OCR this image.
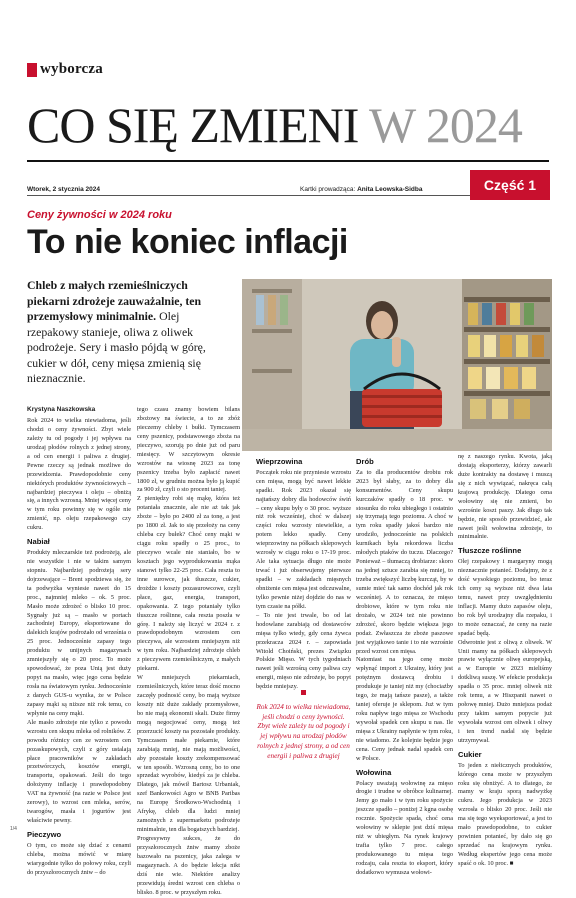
wyborcza
CO SIĘ ZMIENI W 2024
Wtorek, 2 stycznia 2024	Kartki prowadząca: Anita Leowska-Sidba	Część 1
Ceny żywności w 2024 roku
To nie koniec inflacji
Chleb z małych rzemieślniczych piekarni zdrożeje zauważalnie, ten przemysłowy minimalnie. Olej rzepakowy stanieje, oliwa z oliwek podrożeje. Sery i masło pójdą w górę, cukier w dół, ceny mięsa zmienią się nieznacznie.
Krystyna Naszkowska

Rok 2024 to wielka niewiadoma, jeśli chodzi o ceny żywności. Zbyt wiele zależy tu od pogody i jej wpływu na urodzaj płodów rolnych z jednej strony, a od cen energii i paliwa z drugiej. Pewne rzeczy są jednak możliwe do przewidzenia. Prawdopodobnie ceny niektórych produktów żywnościowych – najbardziej pieczywa i oleju – obniżą się, a innych wzrosną. Mniej więcej ceny w tym roku powinny się w ogóle nie zmienić, np. oleju rzepakowego czy cukru.

Nabiał

Produkty mleczarskie też podrożeją, ale nie wszystkie i nie w takim samym stopniu. Najbardziej podrożeją sery dojrzewające – Brent spodziewa się, że ta podwyżka wyniesie nawet do 15 proc., najmniej mleko – ok. 5 proc. Masło może zdrożeć o blisko 10 proc. Sygnały już są – masło w portach zachodniej Europy, eksportowane do dalekich krajów podrożało od września o 25 proc. Jednocześnie zapasy tego produktu w unijnych magazynach zmniejszyły się o 20 proc. To może spowodować, że poza Unią jest duży popyt na masło, więc jego cena będzie rosła na światowym rynku. Jednocześnie z danych GUS-u wynika, że w Polsce zapasy mąki są niższe niż rok temu, co wpłynie na ceny mąki.

Ale masło zdrożeje nie tylko z powodu wzrostu cen skupu mleka od rolników. Z powodu różnicy cen ze wzrostem cen pozaskupowych, czyli z góry ustalają płace pracowników w zakładach przetwórczych, kosztów energii, transportu, opakowań. Jeśli do tego dołożymy inflację i prawdopodobny VAT na żywność (na razie w Polsce jest zerowy), to wzrost cen mleka, serów, twarogów, masła i jogurtów jest właściwie pewny.

Pieczywo

O tym, co może się dziać z cenami chleba, można mówić w miarę wiarygodnie tylko do połowy roku, czyli do przyszłorocznych żniw – do

tego czasu znamy bowiem bilans zbożowy na świecie, a to ze zbóż pieczemy chleby i bułki. Tymczasem ceny pszenicy, podstawowego zboża na pieczywo, szorują po dnie już od paru miesięcy. W szczytowym okresie wzrostów na wiosnę 2023 za tonę pszenicy trzeba było zapłacić nawet 1800 zł, w grudniu można było ją kupić za 900 zł, czyli o sto procent taniej.

Z pieniędzy robi się mąkę, która też potaniała znacznie, ale nie aż tak jak zboże – było po 2400 zł za tonę, a jest po 1800 zł. Jak to się przełoży na ceny chleba czy bułek? Choć ceny mąki w ciągu roku spadły o 25 proc., to pieczywo wcale nie staniało, bo w kosztach jego wyprodukowania mąka stanowi tylko 22-25 proc. Cała reszta to inne surowce, jak tłuszcze, cukier, drożdże i koszty pozasurowcowe, czyli płace, gaz, energia, transport, opakowania. Z tego potaniały tylko tłuszcze roślinne, cała reszta poszła w górę. I należy się liczyć w 2024 r. z prawdopodobnym wzrostem cen pieczywa, ale wzrostem mniejszym niż w tym roku. Najbardziej zdrożeje chleb z pieczywem rzemieślniczym, z małych piekarni.

W mniejszych piekarniach, rzemieślniczych, które teraz dość mocno zaczęły podnosić ceny, bo mają wyższe koszty niż duże zakłady przemysłowe, bo nie mają ekonomii skali. Duże firmy mogą negocjować ceny, mogą też przerzucić koszty na pozostałe produkty. Tymczasem małe piekarnie, które zarabiają mniej, nie mają możliwości, aby pozostałe koszty zrekompensować w ten sposób. Wzrosną ceny, bo to one sprzedaż wyrobów, kiedyś za je chleba. Dlatego, jak mówił Bartosz Urbaniak, szef Bankowości Agro w BNB Paribas na Europę Środkowo-Wschodnią i Afrykę, chleb dla ludzi mniej zamożnych z supermarketu podrożeje minimalnie, ten dla bogatszych bardziej.

Progresywny sukces, że do przyszłorocznych żniw mamy zboże bazowało na pszenicy, jaka zalega w magazynach. A do będzie lekcja nikt dziś nie wie. Niektóre analizy przewidują średni wzrost cen chleba o blisko. 8 proc. w przyszłym roku.

Wieprzowina

Początek roku nie przyniesie wzrostu cen mięsa, mogą być nawet lekkie spadki. Rok 2023 okazał się najtańszy dobry dla hodowców świń – ceny skupu były o 30 proc. wyższe niż rok wcześniej, choć w dalszej części roku wzrosty niewielkie, a potem lekko spadły. Ceny wieprzowiny na półkach sklepowych wzrosły w ciągu roku o 17-19 proc. Ale taka sytuacja długo nie może trwać i już obserwujemy pierwsze spadki – w zakładach mięsnych obniżenie cen mięsa jest odczuwalne, tylko pewnie niżej dojdzie do nas w tym czasie na półki.

– To nie jest trwale, bo od lat hodowlane zarabiają od dostawców mięsa tylko wtedy, gdy cena żywca przekracza 2024 r. – zapowiada Witold Choiński, prezes Związku Polskie Mięso. W tych tygodniach nawet jeśli wzrośną ceny paliwa czy energii, mięso nie zdrożeje, bo popyt będzie mniejszy.

Rok 2024 to wielka niewiadoma, jeśli chodzi o ceny żywności. Zbyt wiele zależy tu od pogody i jej wpływu na urodzaj płodów rolnych z jednej strony, a od cen energii i paliwa z drugiej
Drób

Za to dla producentów drobiu rok 2023 był słaby, za to dobry dla konsumentów. Ceny skupu kurczaków spadły o 18 proc. w stosunku do roku ubiegłego i ostatnio się trzymają tego poziomu. A choć w tym roku spadły jakoś bardzo nie urodziło, jednocześnie na polskich kurnikach była rekordowa liczba młodych ptaków do tuczu. Dlaczego? Ponieważ – tłumaczą drobiarze: skoro na jednej sztuce zarabia się mniej, to trzeba zwiększyć liczbę kurcząt, by w sumie mieć tak samo dochód jak rok wcześniej. A to oznacza, że mięso drobiowe, które w tym roku nie drożało, w 2024 też nie powinno zdrożeć, skoro będzie większa jego podaż. Zwłaszcza że zboże paszowe jest wyjątkowo tanie i to nie wzrośnie przed wzrost cen mięsa.

Natomiast na jego cenę może wpłynąć import z Ukrainy, który jest potężnym dostawcą drobiu i produkuje je taniej niż my (chociażby tego, że mają tańsze pasze), a także taniej oferuje je sklepom. Już w tym roku napływ tego mięsa ze Wschodu wywołał spadek cen skupu u nas. Ile mięsa z Ukrainy napłynie w tym roku, nie wiadomo. Ze kolejnie będzie jego cena. Ceny jednak nadal spadek cen w Polsce.

Wołowina

Polacy uważają wołowinę za mięso drogie i trudne w obróbce kulinarnej. Jemy go mało i w tym roku spożycie jeszcze spadło – poniżej 2 kgna osobę rocznie. Spożycie spada, choć cena wołowiny w sklepie jest dziś mięsa niż w ubiegłym. Na rynek krajowy trafia tylko 7 proc. całego produkowanego tu mięsa tego rodzaju, cała reszta to eksport, który dodatkowo wymusza wołowi-

nę z naszego rynku. Kwota, jaką dostają eksporterzy, którzy zawarli duże kontrakty na dostawę i muszą się z nich wywiązać, nakręca całą krajową produkcję. Dlatego cena wołowiny się nie zmieni, bo wzrośnie koszt paszy. Jak długo tak będzie, nie sposób przewidzieć, ale nawet jeśli wołowina zdrożeje, to minimalnie.

Tłuszcze roślinne

Olej rzepakowy i margaryny mogą nieznacznie potanieć. Dodajmy, że z dość wysokiego poziomu, bo teraz ich ceny są wyższe niż dwa lata temu, nawet przy uwzględnieniu inflacji. Mamy dużo zapasów oleju, bo rok był urodzajny dla rzepaku, i to może oznaczać, że ceny na razie spadać będą.

Odwrotnie jest z oliwą z oliwek. W Unii mamy na półkach sklepowych prawie wyłącznie oliwę europejską, a w Europie w 2023 mieliśmy dotkliwą suszę. W efekcie produkcja spadła o 35 proc. mniej oliwek niż rok temu, a w Hiszpanii nawet o połowę mniej. Dużo mniejsza podaż przy takim samym popycie już wywołała wzrost cen oliwek i oliwy i ten trend nadal się będzie utrzymywał.

Cukier

To jeden z niełicznych produktów, którego cena może w przyszłym roku się obniżyć. A to dlatego, że mamy w kraju sporą nadwyżkę cukru. Jego produkcja w 2023 wzrosła o blisko 20 proc. Jeśli nie ma się tego wyeksportować, a jest to mało prawdopodobne, to cukier powinien potanieć, by dało się go sprzedać na krajowym rynku. Według ekspertów jego cena może spaść o ok. 10 proc. ■

1/4
